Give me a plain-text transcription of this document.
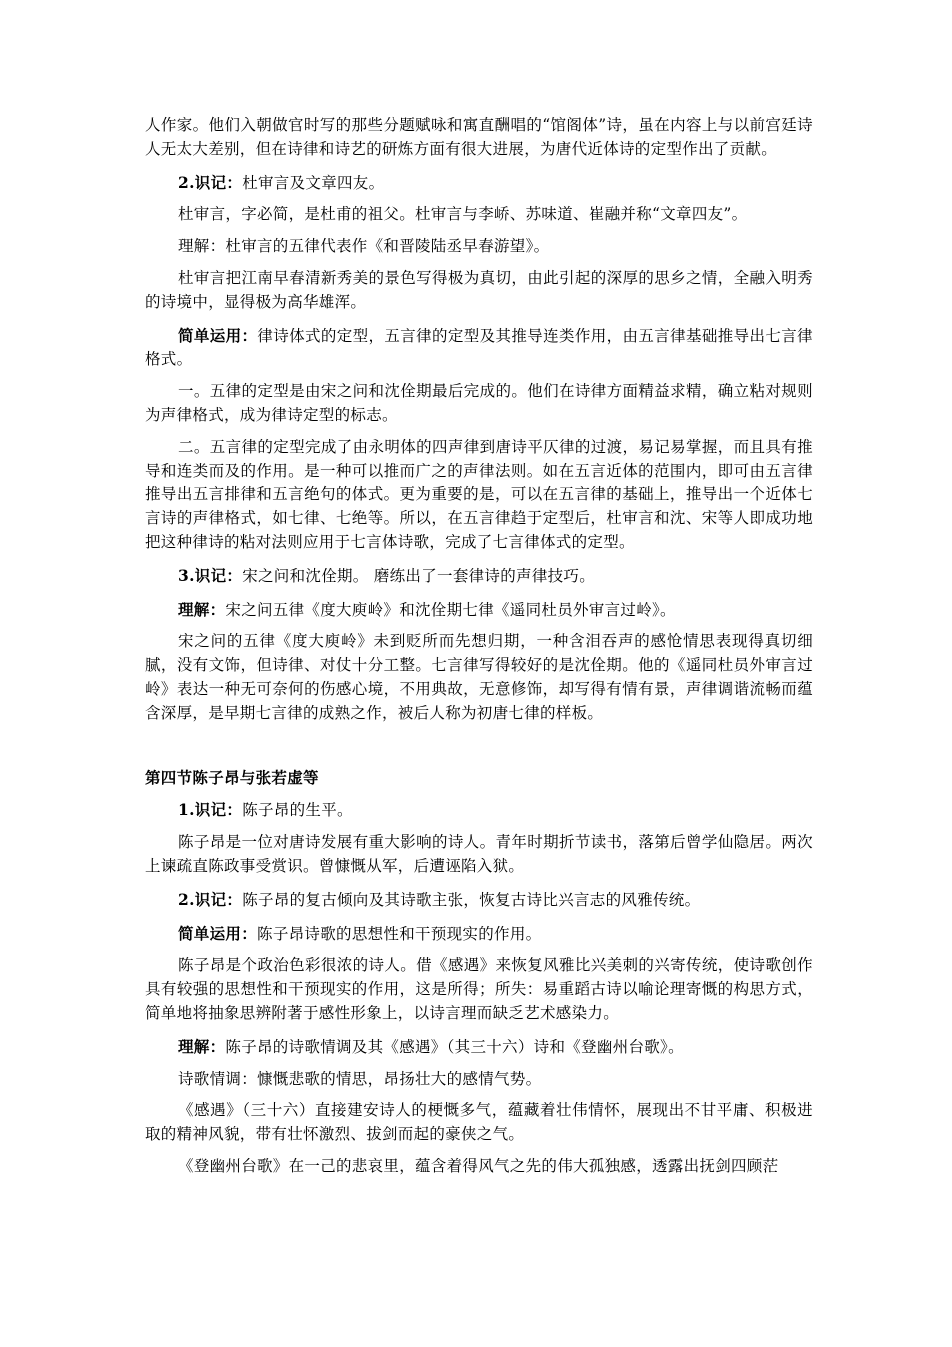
人作家。他们入朝做官时写的那些分题赋咏和寓直酬唱的“馆阁体”诗，虽在内容上与以前宫廷诗人无太大差别，但在诗律和诗艺的研炼方面有很大进展，为唐代近体诗的定型作出了贡献。

2.识记：杜审言及文章四友。

杜审言，字必简，是杜甫的祖父。杜审言与李峤、苏味道、崔融并称“文章四友”。

理解：杜审言的五律代表作《和晋陵陆丞早春游望》。

杜审言把江南早春清新秀美的景色写得极为真切，由此引起的深厚的思乡之情，全融入明秀的诗境中，显得极为高华雄浑。

简单运用：律诗体式的定型，五言律的定型及其推导连类作用，由五言律基础推导出七言律格式。

一。五律的定型是由宋之问和沈佺期最后完成的。他们在诗律方面精益求精，确立粘对规则为声律格式，成为律诗定型的标志。

二。五言律的定型完成了由永明体的四声律到唐诗平仄律的过渡，易记易掌握，而且具有推导和连类而及的作用。是一种可以推而广之的声律法则。如在五言近体的范围内，即可由五言律推导出五言排律和五言绝句的体式。更为重要的是，可以在五言律的基础上，推导出一个近体七言诗的声律格式，如七律、七绝等。所以，在五言律趋于定型后，杜审言和沈、宋等人即成功地把这种律诗的粘对法则应用于七言体诗歌，完成了七言律体式的定型。

3.识记：宋之问和沈佺期。 磨练出了一套律诗的声律技巧。

理解：宋之问五律《度大庾岭》和沈佺期七律《遥同杜员外审言过岭》。

宋之问的五律《度大庾岭》未到贬所而先想归期，一种含泪吞声的感怆情思表现得真切细腻，没有文饰，但诗律、对仗十分工整。七言律写得较好的是沈佺期。他的《遥同杜员外审言过岭》表达一种无可奈何的伤感心境，不用典故，无意修饰，却写得有情有景，声律调谐流畅而蕴含深厚，是早期七言律的成熟之作，被后人称为初唐七律的样板。

第四节陈子昂与张若虚等

1.识记：陈子昂的生平。

陈子昂是一位对唐诗发展有重大影响的诗人。青年时期折节读书，落第后曾学仙隐居。两次上谏疏直陈政事受赏识。曾慷慨从军，后遭诬陷入狱。

2.识记：陈子昂的复古倾向及其诗歌主张，恢复古诗比兴言志的风雅传统。

简单运用：陈子昂诗歌的思想性和干预现实的作用。

陈子昂是个政治色彩很浓的诗人。借《感遇》来恢复风雅比兴美刺的兴寄传统，使诗歌创作具有较强的思想性和干预现实的作用，这是所得；所失：易重蹈古诗以喻论理寄慨的构思方式，简单地将抽象思辨附著于感性形象上，以诗言理而缺乏艺术感染力。

理解：陈子昂的诗歌情调及其《感遇》（其三十六）诗和《登幽州台歌》。

诗歌情调：慷慨悲歌的情思，昂扬壮大的感情气势。

《感遇》（三十六）直接建安诗人的梗慨多气，蕴藏着壮伟情怀，展现出不甘平庸、积极进取的精神风貌，带有壮怀激烈、拔剑而起的豪侠之气。

《登幽州台歌》在一己的悲哀里，蕴含着得风气之先的伟大孤独感，透露出抚剑四顾茫
